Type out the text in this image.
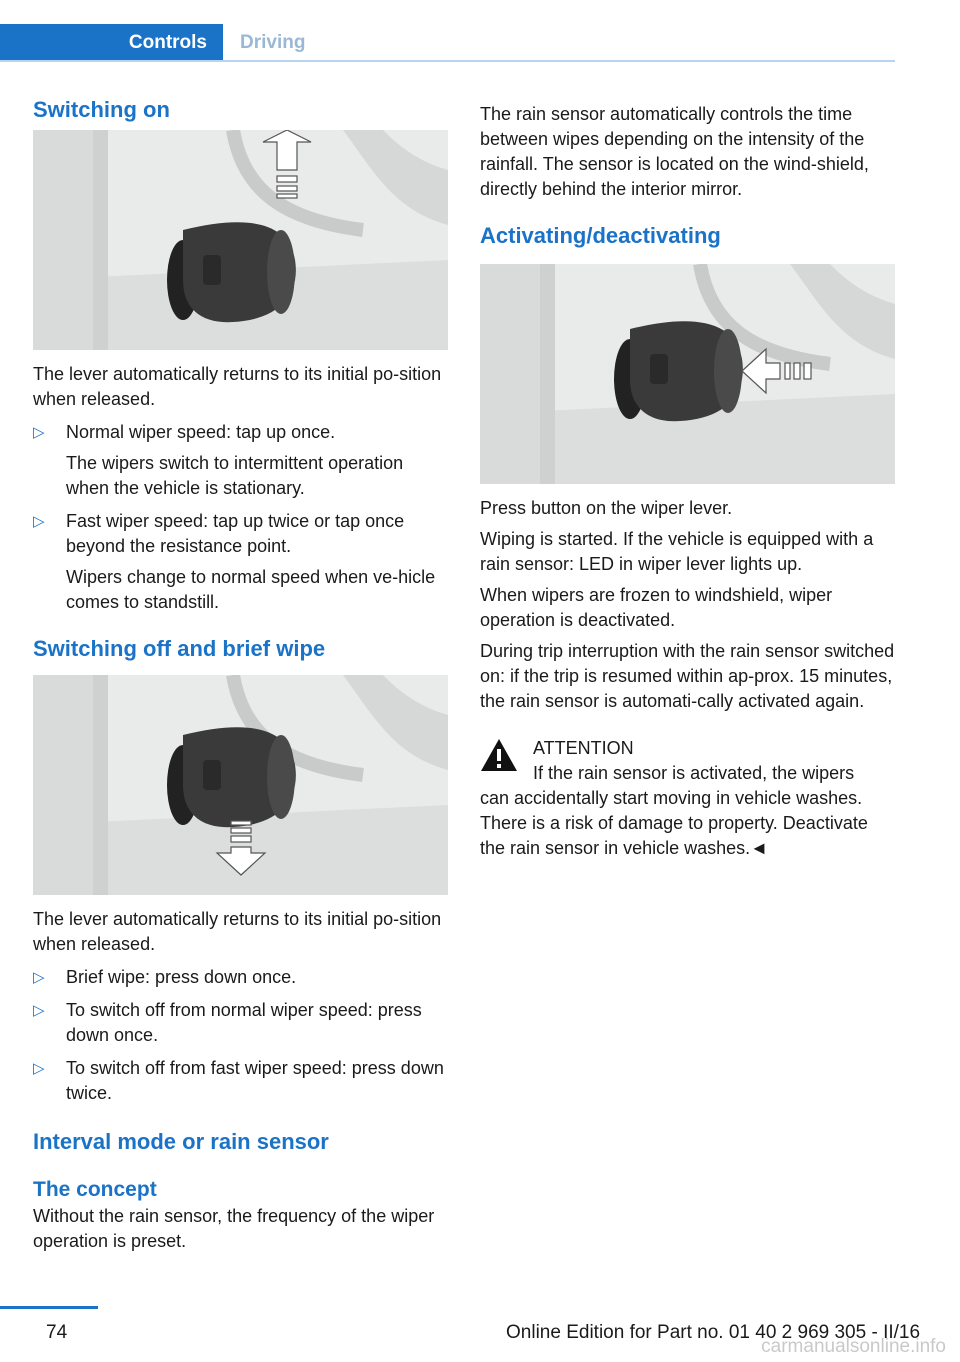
Controls	Driving
Switching on

The lever automatically returns to its initial po-sition when released.

▷ Normal wiper speed: tap up once.
The wipers switch to intermittent operation when the vehicle is stationary.
▷ Fast wiper speed: tap up twice or tap once beyond the resistance point.
Wipers change to normal speed when ve-hicle comes to standstill.
Switching off and brief wipe

The lever automatically returns to its initial po-sition when released.

▷ Brief wipe: press down once.
▷ To switch off from normal wiper speed: press down once.
▷ To switch off from fast wiper speed: press down twice.
Interval mode or rain sensor
The concept

Without the rain sensor, the frequency of the wiper operation is preset.

The rain sensor automatically controls the time between wipes depending on the intensity of the rainfall. The sensor is located on the wind-shield, directly behind the interior mirror.

Activating/deactivating

Press button on the wiper lever.

Wiping is started. If the vehicle is equipped with a rain sensor: LED in wiper lever lights up.

When wipers are frozen to windshield, wiper operation is deactivated.

During trip interruption with the rain sensor switched on: if the trip is resumed within ap-prox. 15 minutes, the rain sensor is automati-cally activated again.

ATTENTION

If the rain sensor is activated, the wipers

can accidentally start moving in vehicle washes. There is a risk of damage to property. Deactivate the rain sensor in vehicle washes.◄

74	Online Edition for Part no. 01 40 2 969 305 - II/16
carmanualsonline.info
